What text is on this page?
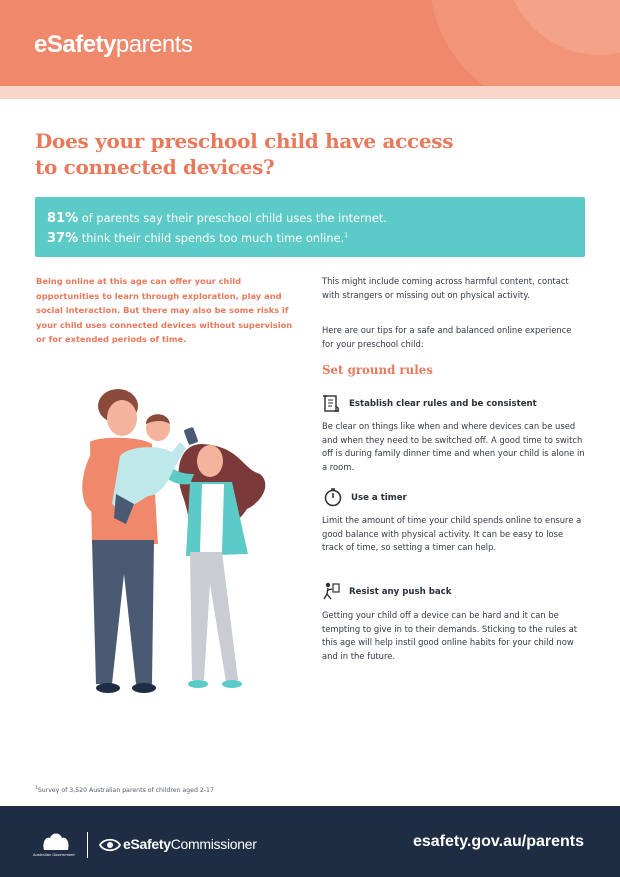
eSafetyparents
Does your preschool child have access
to connected devices?
81% of parents say their preschool child uses the internet.
37% think their child spends too much time online.$^1$
Being online at this age can offer your child opportunities to learn through exploration, play and social interaction. But there may also be some risks if your child uses connected devices without supervision or for extended periods of time.
This might include coming across harmful content, contact with strangers or missing out on physical activity.
Here are our tips for a safe and balanced online experience for your preschool child:
Set ground rules
Establish clear rules and be consistent
Be clear on things like when and where devices can be used and when they need to be switched off. A good time to switch off is during family dinner time and when your child is alone in a room.
Use a timer
Limit the amount of time your child spends online to ensure a good balance with physical activity. It can be easy to lose track of time, so setting a timer can help.
Resist any push back
Getting your child off a device can be hard and it can be tempting to give in to their demands. Sticking to the rules at this age will help instil good online habits for your child now and in the future.
$^1$Survey of 3,520 Australian parents of children aged 2-17
Australian Government
eSafetyCommissioner	esafety.gov.au/parents
